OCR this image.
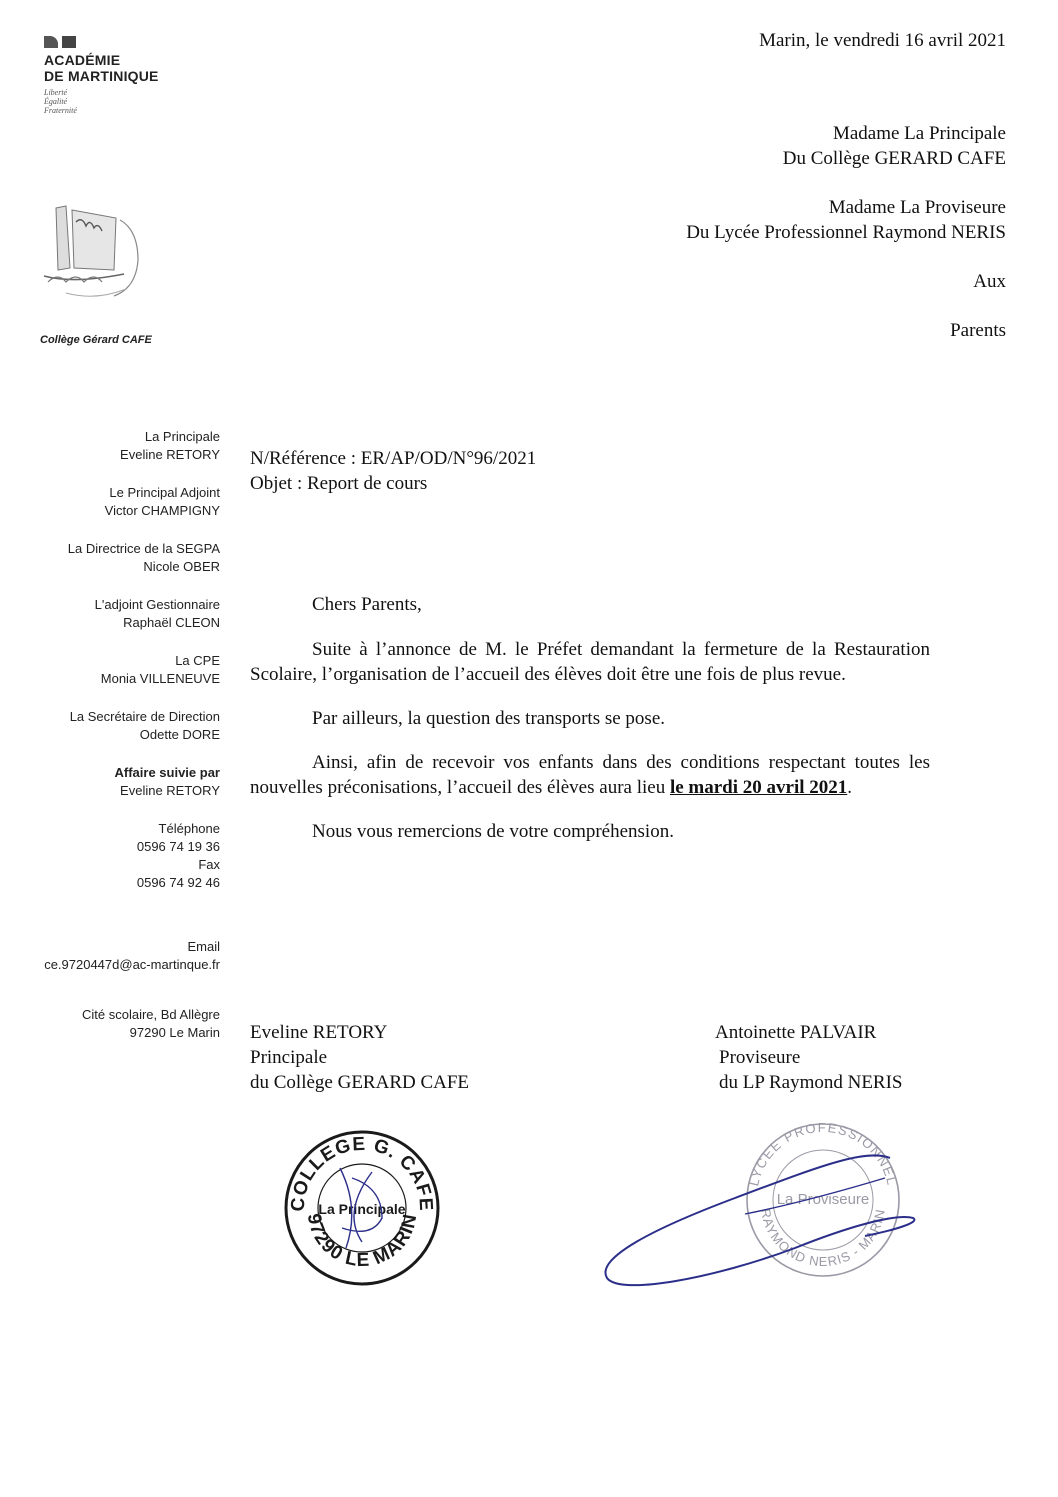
ACADÉMIE
DE MARTINIQUE
Liberté
Égalité
Fraternité
Collège Gérard CAFE
Marin, le vendredi 16 avril 2021
Madame La Principale
Du Collège GERARD CAFE
Madame La Proviseure
Du Lycée Professionnel Raymond NERIS
Aux
Parents
La Principale
Eveline RETORY
Le Principal Adjoint
Victor CHAMPIGNY
La Directrice de la SEGPA
Nicole OBER
L'adjoint Gestionnaire
Raphaël CLEON
La CPE
Monia VILLENEUVE
La Secrétaire de Direction
Odette DORE
Affaire suivie par
Eveline RETORY
Téléphone
0596 74 19 36
Fax
0596 74 92 46
Email
ce.9720447d@ac-martinque.fr
Cité scolaire, Bd Allègre
97290 Le Marin
N/Référence : ER/AP/OD/N°96/2021
Objet : Report de cours

Chers Parents,

Suite à l’annonce de M. le Préfet demandant la fermeture de la Restauration Scolaire, l’organisation de l’accueil des élèves doit être une fois de plus revue.

Par ailleurs, la question des transports se pose.

Ainsi, afin de recevoir vos enfants dans des conditions respectant toutes les nouvelles préconisations, l’accueil des élèves aura lieu le mardi 20 avril 2021.

Nous vous remercions de votre compréhension.

Eveline RETORY
Principale
du Collège GERARD CAFE
Antoinette PALVAIR
Proviseure
du LP Raymond NERIS
COLLEGE G. CAFE
97290 LE MARIN
La Principale
LYCEE PROFESSIONNEL
RAYMOND NERIS - MARIN
La Proviseure
